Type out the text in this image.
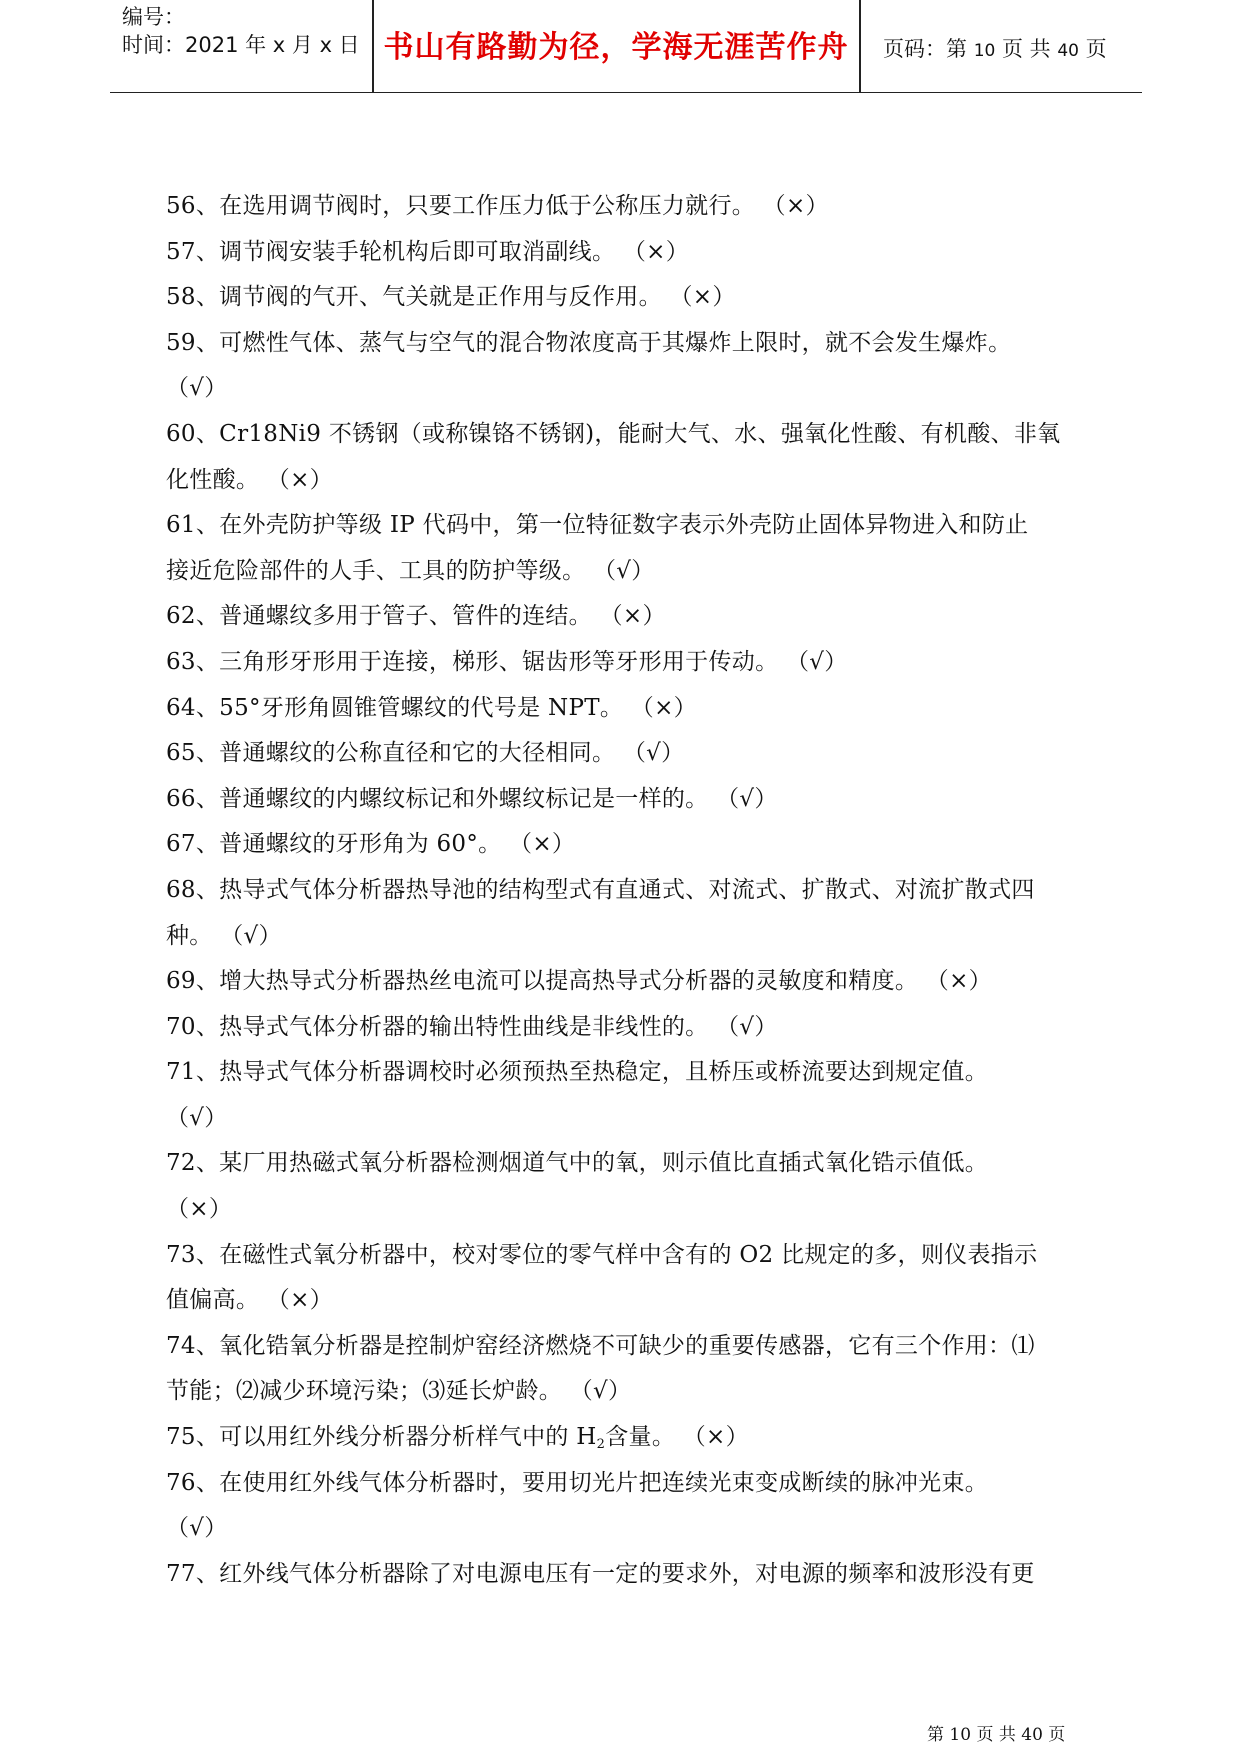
编号：
时间：2021 年 x 月 x 日 书山有路勤为径，学海无涯苦作舟 页码：第 10 页 共 40 页
56、在选用调节阀时，只要工作压力低于公称压力就行。 （×）
57、调节阀安装手轮机构后即可取消副线。 （×）
58、调节阀的气开、气关就是正作用与反作用。 （×）
59、可燃性气体、蒸气与空气的混合物浓度高于其爆炸上限时，就不会发生爆炸。
（√）
60、Cr18Ni9 不锈钢（或称镍铬不锈钢)，能耐大气、水、强氧化性酸、有机酸、非氧
化性酸。 （×）
61、在外壳防护等级 IP 代码中，第一位特征数字表示外壳防止固体异物进入和防止
接近危险部件的人手、工具的防护等级。 （√）
62、普通螺纹多用于管子、管件的连结。 （×）
63、三角形牙形用于连接，梯形、锯齿形等牙形用于传动。 （√）
64、55°牙形角圆锥管螺纹的代号是 NPT。 （×）
65、普通螺纹的公称直径和它的大径相同。 （√）
66、普通螺纹的内螺纹标记和外螺纹标记是一样的。 （√）
67、普通螺纹的牙形角为 60°。 （×）
68、热导式气体分析器热导池的结构型式有直通式、对流式、扩散式、对流扩散式四
种。 （√）
69、增大热导式分析器热丝电流可以提高热导式分析器的灵敏度和精度。 （×）
70、热导式气体分析器的输出特性曲线是非线性的。 （√）
71、热导式气体分析器调校时必须预热至热稳定，且桥压或桥流要达到规定值。
（√）
72、某厂用热磁式氧分析器检测烟道气中的氧，则示值比直插式氧化锆示值低。
（×）
73、在磁性式氧分析器中，校对零位的零气样中含有的 O2 比规定的多，则仪表指示
值偏高。 （×）
74、氧化锆氧分析器是控制炉窑经济燃烧不可缺少的重要传感器，它有三个作用：⑴
节能；⑵减少环境污染；⑶延长炉龄。 （√）
75、可以用红外线分析器分析样气中的 $H_2$含量。 （×）
76、在使用红外线气体分析器时，要用切光片把连续光束变成断续的脉冲光束。
（√）
77、红外线气体分析器除了对电源电压有一定的要求外，对电源的频率和波形没有更
第 10 页 共 40 页
